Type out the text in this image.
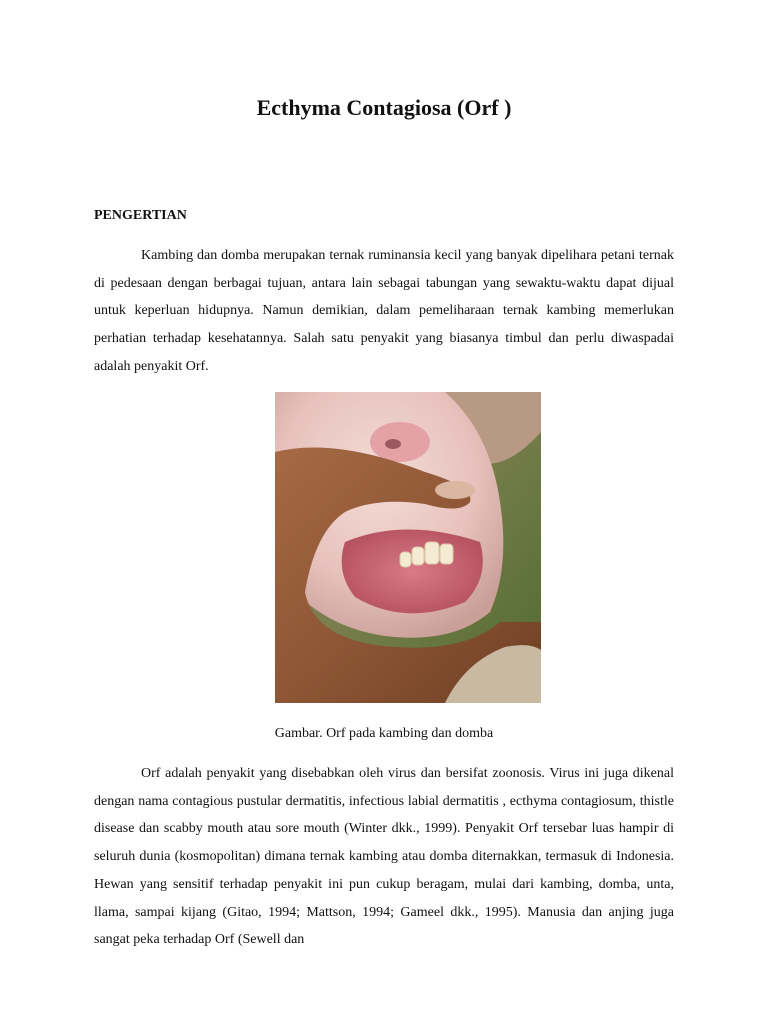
Ecthyma Contagiosa (Orf )
PENGERTIAN

Kambing dan domba merupakan ternak ruminansia kecil yang banyak dipelihara petani ternak di pedesaan dengan berbagai tujuan, antara lain sebagai tabungan yang sewaktu-waktu dapat dijual untuk keperluan hidupnya. Namun demikian, dalam pemeliharaan ternak kambing memerlukan perhatian terhadap kesehatannya. Salah satu penyakit yang biasanya timbul dan perlu diwaspadai adalah penyakit Orf.

Gambar. Orf pada kambing dan domba

Orf adalah penyakit yang disebabkan oleh virus dan bersifat zoonosis. Virus ini juga dikenal dengan nama contagious pustular dermatitis, infectious labial dermatitis , ecthyma contagiosum, thistle disease dan scabby mouth atau sore mouth (Winter dkk., 1999). Penyakit Orf tersebar luas hampir di seluruh dunia (kosmopolitan) dimana ternak kambing atau domba diternakkan, termasuk di Indonesia. Hewan yang sensitif terhadap penyakit ini pun cukup beragam, mulai dari kambing, domba, unta, llama, sampai kijang (Gitao, 1994; Mattson, 1994; Gameel dkk., 1995). Manusia dan anjing juga sangat peka terhadap Orf (Sewell dan
